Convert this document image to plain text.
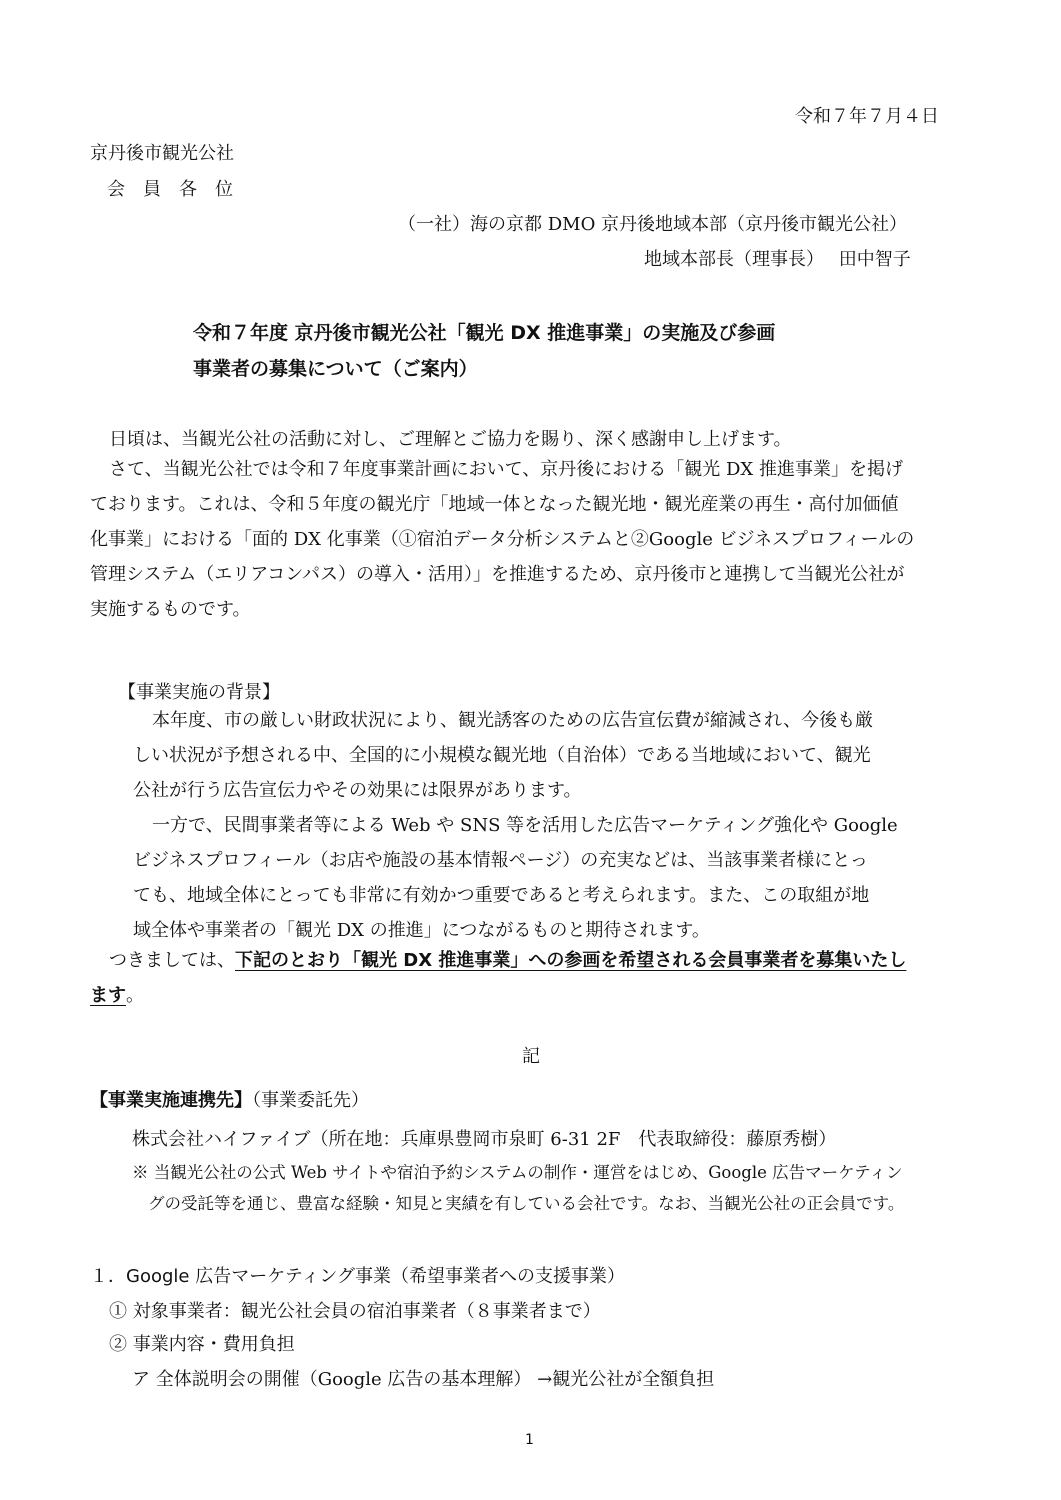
令和７年７月４日
京丹後市観光公社
会　員　各　位
（一社）海の京都 DMO 京丹後地域本部（京丹後市観光公社）
地域本部長（理事長）　 田中智子
令和７年度 京丹後市観光公社「観光 DX 推進事業」の実施及び参画
事業者の募集について（ご案内）
日頃は、当観光公社の活動に対し、ご理解とご協力を賜り、深く感謝申し上げます。
さて、当観光公社では令和７年度事業計画において、京丹後における「観光 DX 推進事業」を掲げ
ております。これは、令和５年度の観光庁「地域一体となった観光地・観光産業の再生・高付加価値
化事業」における「面的 DX 化事業（①宿泊データ分析システムと②Google ビジネスプロフィールの
管理システム（エリアコンパス）の導入・活用）」を推進するため、京丹後市と連携して当観光公社が
実施するものです。
【事業実施の背景】
本年度、市の厳しい財政状況により、観光誘客のための広告宣伝費が縮減され、今後も厳
しい状況が予想される中、全国的に小規模な観光地（自治体）である当地域において、観光
公社が行う広告宣伝力やその効果には限界があります。
一方で、民間事業者等による Web や SNS 等を活用した広告マーケティング強化や Google
ビジネスプロフィール（お店や施設の基本情報ページ）の充実などは、当該事業者様にとっ
ても、地域全体にとっても非常に有効かつ重要であると考えられます。また、この取組が地
域全体や事業者の「観光 DX の推進」につながるものと期待されます。
つきましては、下記のとおり「観光 DX 推進事業」への参画を希望される会員事業者を募集いたし
ます。
記
【事業実施連携先】（事業委託先）
株式会社ハイファイブ（所在地：兵庫県豊岡市泉町 6-31 2F　代表取締役：藤原秀樹）
※ 当観光公社の公式 Web サイトや宿泊予約システムの制作・運営をはじめ、Google 広告マーケティン
グの受託等を通じ、豊富な経験・知見と実績を有している会社です。なお、当観光公社の正会員です。
１．Google 広告マーケティング事業（希望事業者への支援事業）
① 対象事業者：観光公社会員の宿泊事業者（８事業者まで）
② 事業内容・費用負担
ア 全体説明会の開催（Google 広告の基本理解） →観光公社が全額負担
1
